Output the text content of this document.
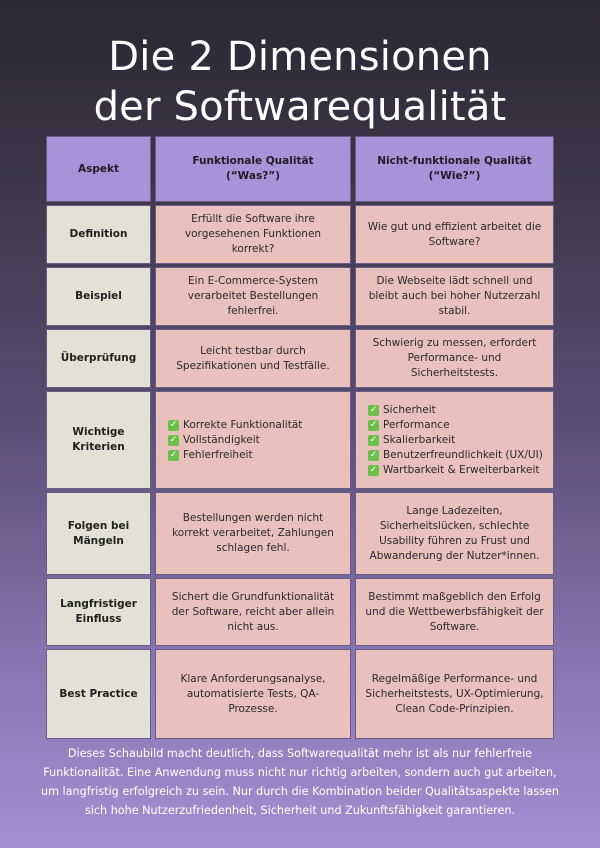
Die 2 Dimensionen
der Softwarequalität
Aspekt
Funktionale Qualität
(“Was?”)
Nicht-funktionale Qualität
(“Wie?”)
Definition
Erfüllt die Software ihre vorgesehenen Funktionen korrekt?
Wie gut und effizient arbeitet die Software?
Beispiel
Ein E-Commerce-System verarbeitet Bestellungen fehlerfrei.
Die Webseite lädt schnell und bleibt auch bei hoher Nutzerzahl stabil.
Überprüfung
Leicht testbar durch Spezifikationen und Testfälle.
Schwierig zu messen, erfordert Performance- und Sicherheitstests.
Wichtige
Kriterien
✓ Korrekte Funktionalität
✓ Vollständigkeit
✓ Fehlerfreiheit
✓ Sicherheit
✓ Performance
✓ Skalierbarkeit
✓ Benutzerfreundlichkeit (UX/UI)
✓ Wartbarkeit & Erweiterbarkeit
Folgen bei
Mängeln
Bestellungen werden nicht korrekt verarbeitet, Zahlungen schlagen fehl.
Lange Ladezeiten, Sicherheitslücken, schlechte Usability führen zu Frust und Abwanderung der Nutzer*innen.
Langfristiger
Einfluss
Sichert die Grundfunktionalität der Software, reicht aber allein nicht aus.
Bestimmt maßgeblich den Erfolg und die Wettbewerbsfähigkeit der Software.
Best Practice
Klare Anforderungsanalyse, automatisierte Tests, QA-Prozesse.
Regelmäßige Performance- und Sicherheitstests, UX-Optimierung, Clean Code-Prinzipien.
Dieses Schaubild macht deutlich, dass Softwarequalität mehr ist als nur fehlerfreie Funktionalität. Eine Anwendung muss nicht nur richtig arbeiten, sondern auch gut arbeiten, um langfristig erfolgreich zu sein. Nur durch die Kombination beider Qualitätsaspekte lassen sich hohe Nutzerzufriedenheit, Sicherheit und Zukunftsfähigkeit garantieren.
